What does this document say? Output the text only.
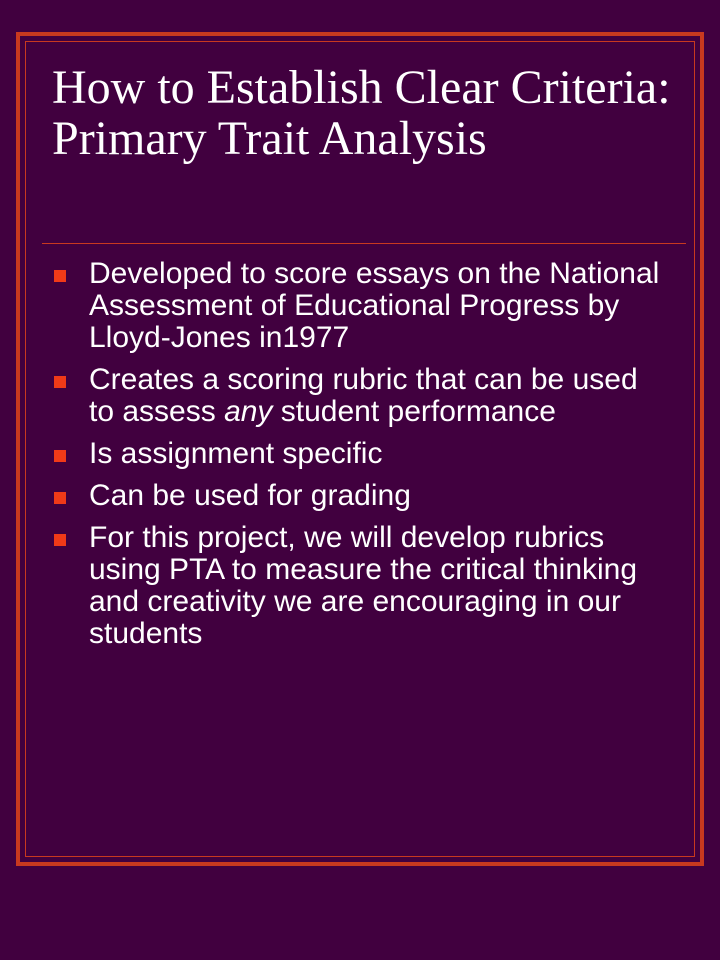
How to Establish Clear Criteria: Primary Trait Analysis
Developed to score essays on the National Assessment of Educational Progress by Lloyd-Jones in1977
Creates a scoring rubric that can be used to assess any student performance
Is assignment specific
Can be used for grading
For this project, we will develop rubrics using PTA to measure the critical thinking and creativity we are encouraging in our students
